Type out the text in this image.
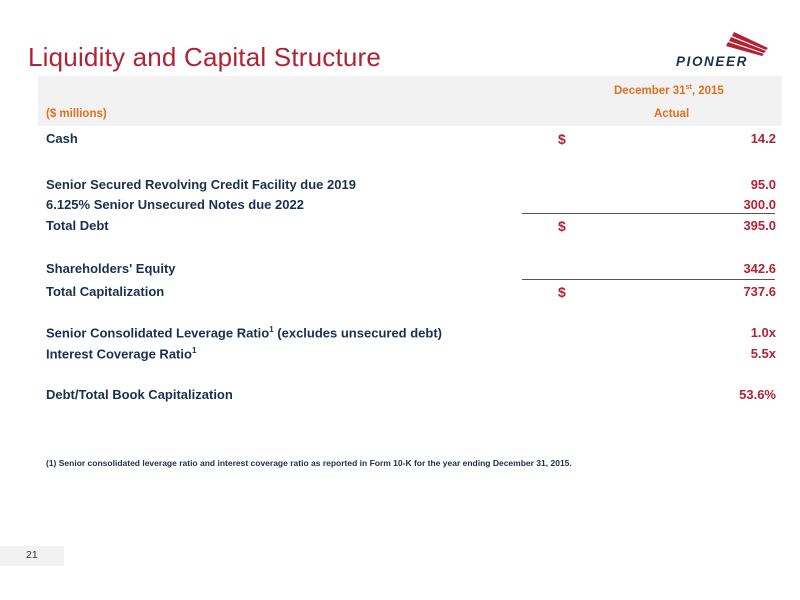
Liquidity and Capital Structure	PIONEER
December 31st, 2015
($ millions)	Actual
Cash	$	14.2
Senior Secured Revolving Credit Facility due 2019	95.0
6.125% Senior Unsecured Notes due 2022	300.0
Total Debt	$	395.0
Shareholders' Equity	342.6
Total Capitalization	$	737.6
Senior Consolidated Leverage Ratio$^1$ (excludes unsecured debt)	1.0x
Interest Coverage Ratio$^1$	5.5x
Debt/Total Book Capitalization	53.6%
(1) Senior consolidated leverage ratio and interest coverage ratio as reported in Form 10-K for the year ending December 31, 2015.
21
